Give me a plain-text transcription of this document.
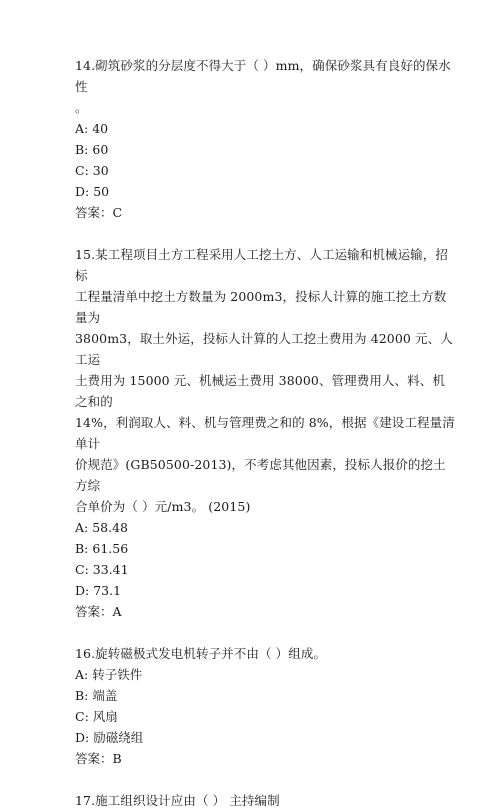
14.砌筑砂浆的分层度不得大于（ ）mm，确保砂浆具有良好的保水性

。

A: 40

B: 60

C: 30

D: 50

答案：C

15.某工程项目土方工程采用人工挖土方、人工运输和机械运输，招标

工程量清单中挖土方数量为 2000m3，投标人计算的施工挖土方数量为

3800m3，取土外运，投标人计算的人工挖土费用为 42000 元、人工运

土费用为 15000 元、机械运土费用 38000、管理费用人、料、机之和的

14%，利润取人、料、机与管理费之和的 8%，根据《建设工程量清单计

价规范》(GB50500-2013)，不考虑其他因素，投标人报价的挖土方综

合单价为（ ）元/m3。 (2015)

A: 58.48

B: 61.56

C: 33.41

D: 73.1

答案：A

16.旋转磁极式发电机转子并不由（ ）组成。

A: 转子铁件

B: 端盖

C: 风扇

D: 励磁绕组

答案：B

17.施工组织设计应由（ ） 主持编制
